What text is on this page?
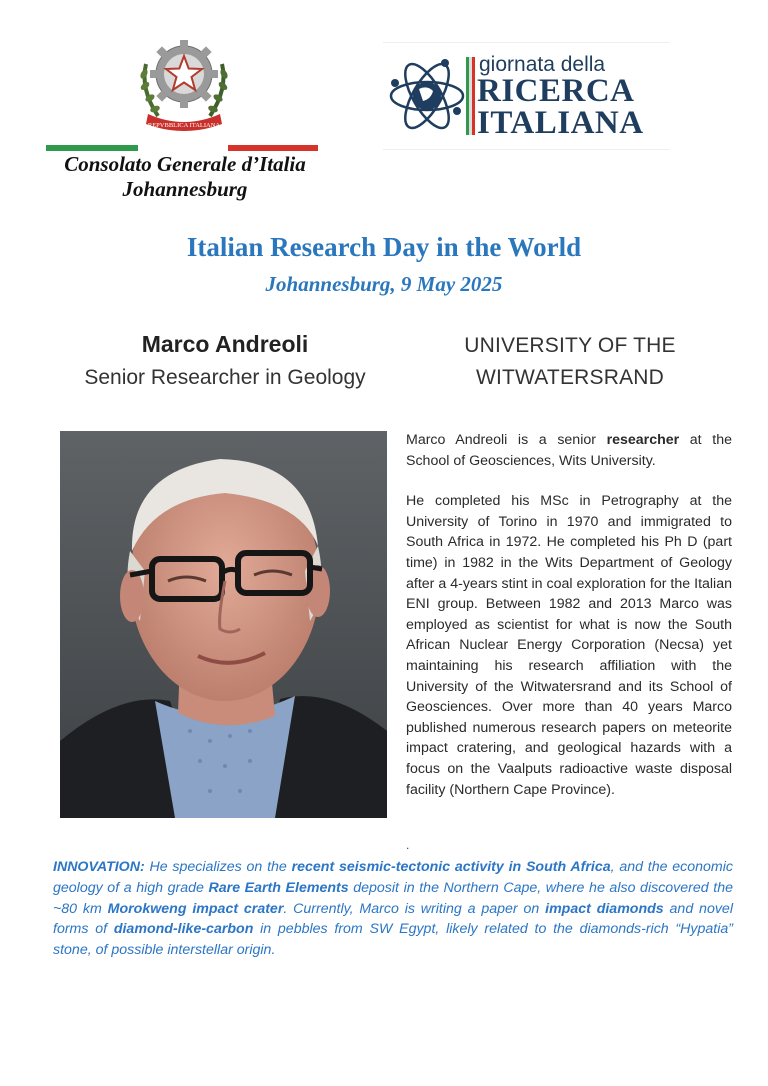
REPVBBLICA ITALIANA
Consolato Generale d’Italia
Johannesburg
giornata della
RICERCA
ITALIANA
Italian Research Day in the World
Johannesburg, 9 May 2025
Marco Andreoli
Senior Researcher in Geology
UNIVERSITY OF THE
WITWATERSRAND

Marco Andreoli is a senior researcher at the School of Geosciences, Wits University.

He completed his MSc in Petrography at the University of Torino in 1970 and immigrated to South Africa in 1972. He completed his Ph D (part time) in 1982 in the Wits Department of Geology after a 4-years stint in coal exploration for the Italian ENI group. Between 1982 and 2013 Marco was employed as scientist for what is now the South African Nuclear Energy Corporation (Necsa) yet maintaining his research affiliation with the University of the Witwatersrand and its School of Geosciences. Over more than 40 years Marco published numerous research papers on meteorite impact cratering, and geological hazards with a focus on the Vaalputs radioactive waste disposal facility (Northern Cape Province).

.
INNOVATION: He specializes on the recent seismic-tectonic activity in South Africa, and the economic geology of a high grade Rare Earth Elements deposit in the Northern Cape, where he also discovered the ~80 km Morokweng impact crater. Currently, Marco is writing a paper on impact diamonds and novel forms of diamond-like-carbon in pebbles from SW Egypt, likely related to the diamonds-rich “Hypatia” stone, of possible interstellar origin.
